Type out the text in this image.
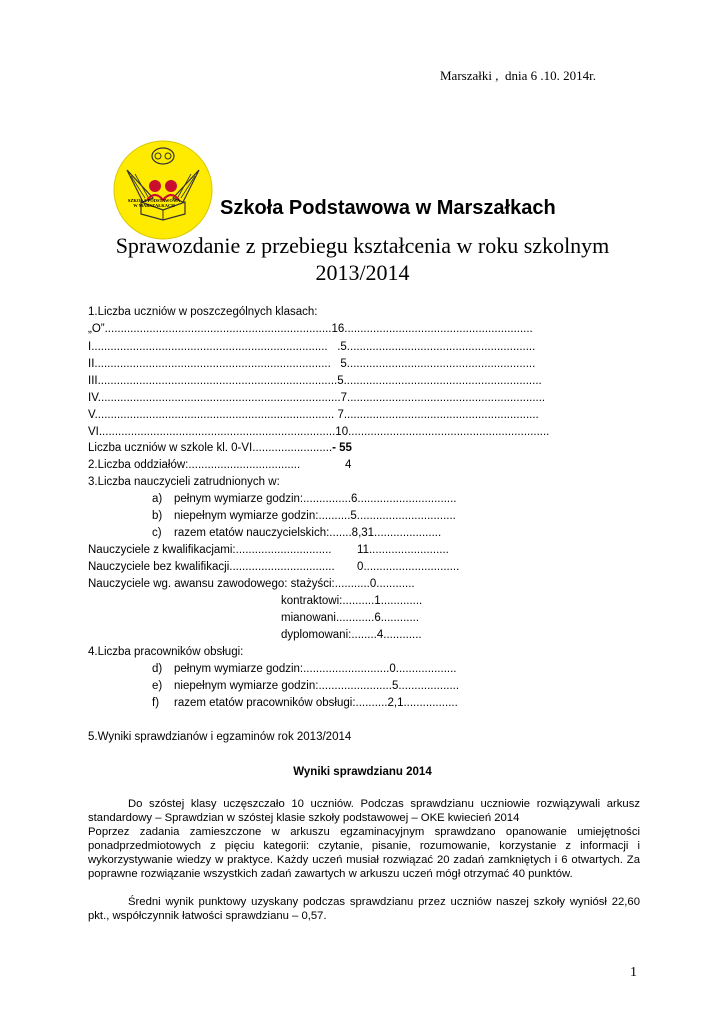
Marszałki ,  dnia 6 .10. 2014r.

SZKOŁA PODSTAWOWA W MARSZAŁKACH	Szkoła Podstawowa w Marszałkach
Sprawozdanie z przebiegu kształcenia w roku szkolnym
2013/2014
1.Liczba uczniów w poszczególnych klasach:
„O”.......................................................................16...........................................................
I..........................................................................   .5...........................................................
II..........................................................................   5...........................................................
III...........................................................................5..............................................................
IV............................................................................7..............................................................
V........................................................................... 7.............................................................
VI..........................................................................10...............................................................
Liczba uczniów w szkole kl. 0-VI.........................- 55
2.Liczba oddziałów:...................................	4
3.Liczba nauczycieli zatrudnionych w:
a) pełnym wymiarze godzin:...............6...............................
b) niepełnym wymiarze godzin:..........5...............................
c) razem etatów nauczycielskich:.......8,31.....................
Nauczyciele z kwalifikacjami:..............................        11.........................
Nauczyciele bez kwalifikacji.................................       0..............................
Nauczyciele wg. awansu zawodowego: stażyści:...........0............
kontraktowi:..........1.............
mianowani............6............
dyplomowani:........4............
4.Liczba pracowników obsługi:
d) pełnym wymiarze godzin:...........................0...................
e) niepełnym wymiarze godzin:.......................5...................
f) razem etatów pracowników obsługi:..........2,1.................
5.Wyniki sprawdzianów i egzaminów rok 2013/2014
Wyniki sprawdzianu 2014
Do szóstej klasy uczęszczało 10 uczniów. Podczas sprawdzianu uczniowie rozwiązywali arkusz standardowy – Sprawdzian w szóstej klasie szkoły podstawowej – OKE kwiecień 2014
Poprzez zadania zamieszczone w arkuszu egzaminacyjnym sprawdzano opanowanie umiejętności ponadprzedmiotowych z pięciu kategorii: czytanie, pisanie, rozumowanie, korzystanie z informacji i wykorzystywanie wiedzy w praktyce. Każdy uczeń musiał rozwiązać 20 zadań zamkniętych i 6 otwartych. Za poprawne rozwiązanie wszystkich zadań zawartych w arkuszu uczeń mógł otrzymać 40 punktów.
Średni wynik punktowy uzyskany podczas sprawdzianu przez uczniów naszej szkoły wyniósł 22,60 pkt., współczynnik łatwości sprawdzianu – 0,57.
1
